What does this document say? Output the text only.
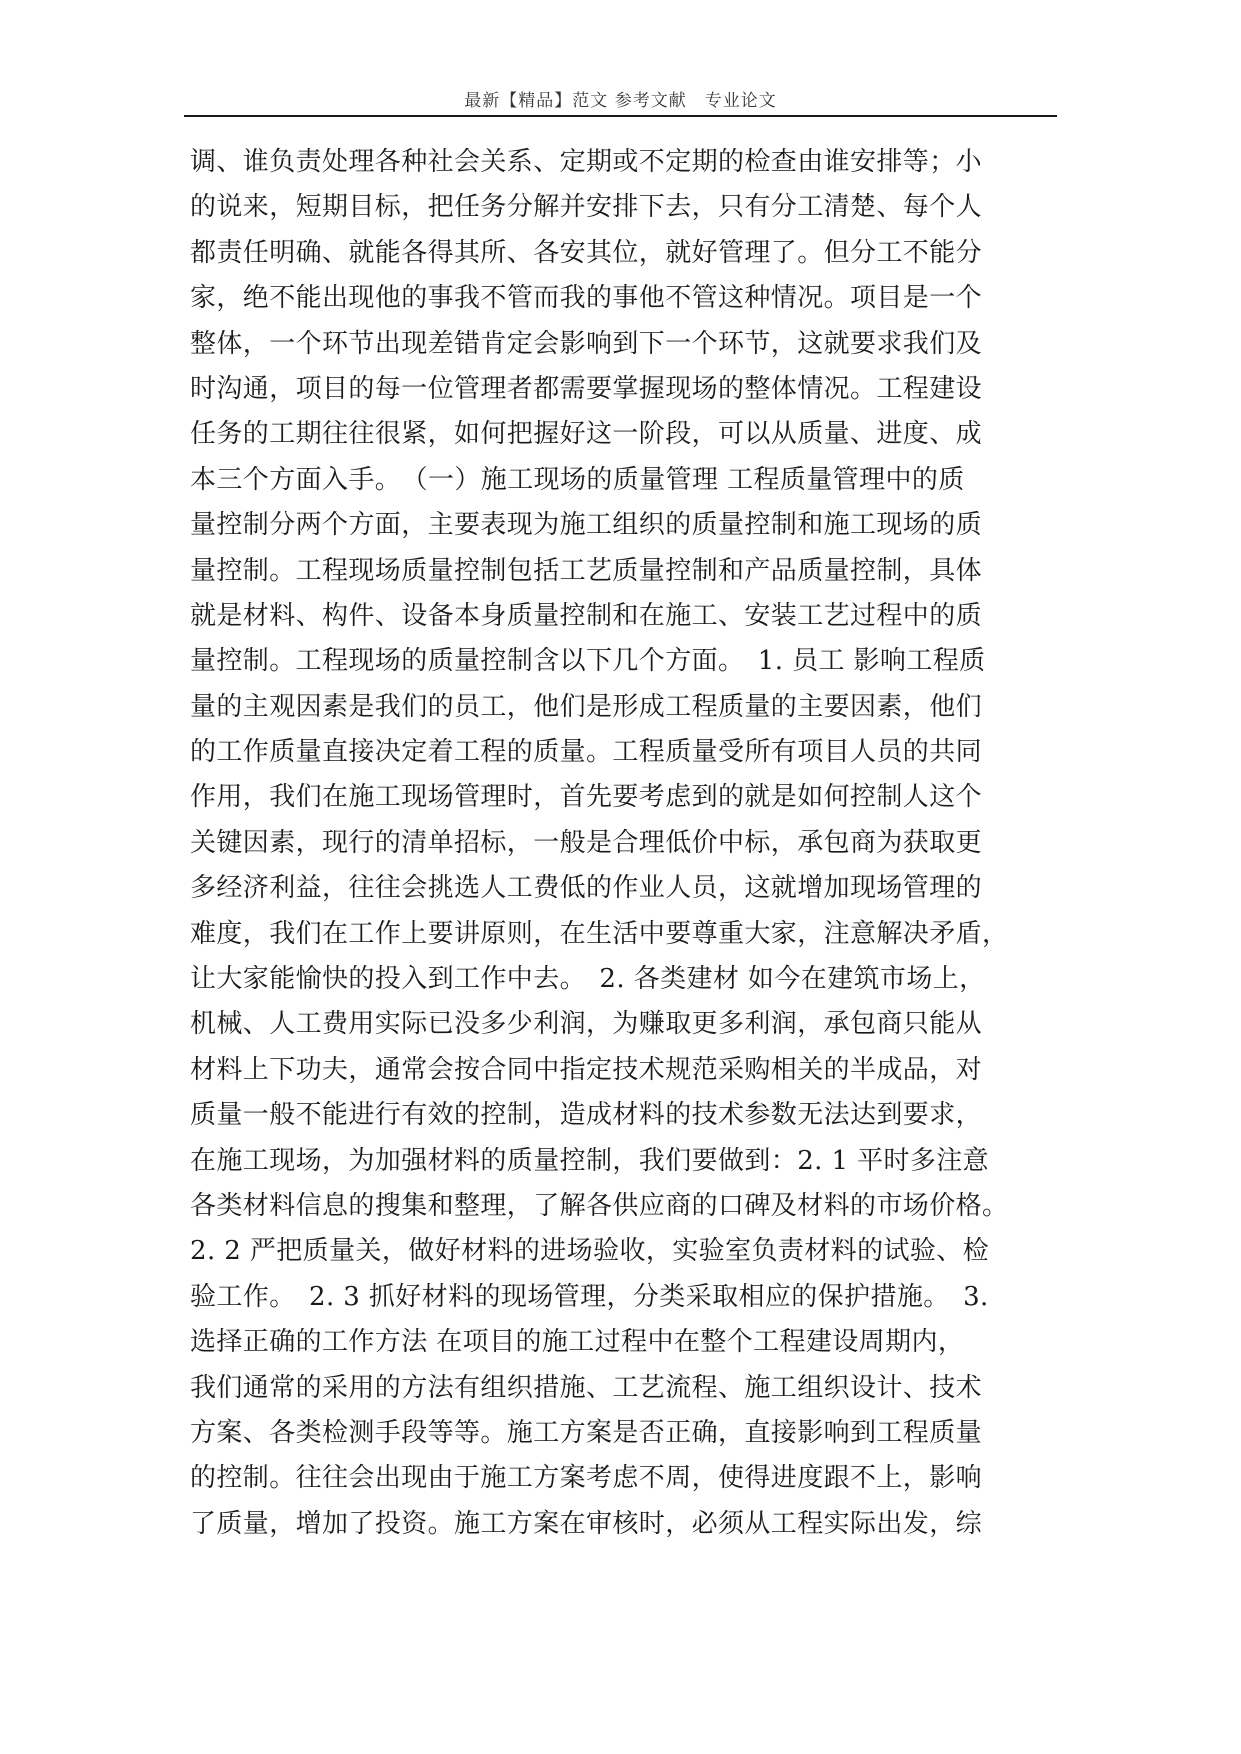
最新【精品】范文 参考文献　专业论文
调、谁负责处理各种社会关系、定期或不定期的检查由谁安排等；小
的说来，短期目标，把任务分解并安排下去，只有分工清楚、每个人
都责任明确、就能各得其所、各安其位，就好管理了。但分工不能分
家，绝不能出现他的事我不管而我的事他不管这种情况。项目是一个
整体，一个环节出现差错肯定会影响到下一个环节，这就要求我们及
时沟通，项目的每一位管理者都需要掌握现场的整体情况。工程建设
任务的工期往往很紧，如何把握好这一阶段，可以从质量、进度、成
本三个方面入手。　（一）施工现场的质量管理 工程质量管理中的质
量控制分两个方面，主要表现为施工组织的质量控制和施工现场的质
量控制。工程现场质量控制包括工艺质量控制和产品质量控制，具体
就是材料、构件、设备本身质量控制和在施工、安装工艺过程中的质
量控制。工程现场的质量控制含以下几个方面。　1. 员工 影响工程质
量的主观因素是我们的员工，他们是形成工程质量的主要因素，他们
的工作质量直接决定着工程的质量。工程质量受所有项目人员的共同
作用，我们在施工现场管理时，首先要考虑到的就是如何控制人这个
关键因素，现行的清单招标，一般是合理低价中标，承包商为获取更
多经济利益，往往会挑选人工费低的作业人员，这就增加现场管理的
难度，我们在工作上要讲原则，在生活中要尊重大家，注意解决矛盾，
让大家能愉快的投入到工作中去。　2. 各类建材 如今在建筑市场上，
机械、人工费用实际已没多少利润，为赚取更多利润，承包商只能从
材料上下功夫，通常会按合同中指定技术规范采购相关的半成品，对
质量一般不能进行有效的控制，造成材料的技术参数无法达到要求，
在施工现场，为加强材料的质量控制，我们要做到：2. 1 平时多注意
各类材料信息的搜集和整理，了解各供应商的口碑及材料的市场价格。
2. 2 严把质量关，做好材料的进场验收，实验室负责材料的试验、检
验工作。　2. 3 抓好材料的现场管理，分类采取相应的保护措施。　3.
选择正确的工作方法 在项目的施工过程中在整个工程建设周期内，
我们通常的采用的方法有组织措施、工艺流程、施工组织设计、技术
方案、各类检测手段等等。施工方案是否正确，直接影响到工程质量
的控制。往往会出现由于施工方案考虑不周，使得进度跟不上，影响
了质量，增加了投资。施工方案在审核时，必须从工程实际出发，综
